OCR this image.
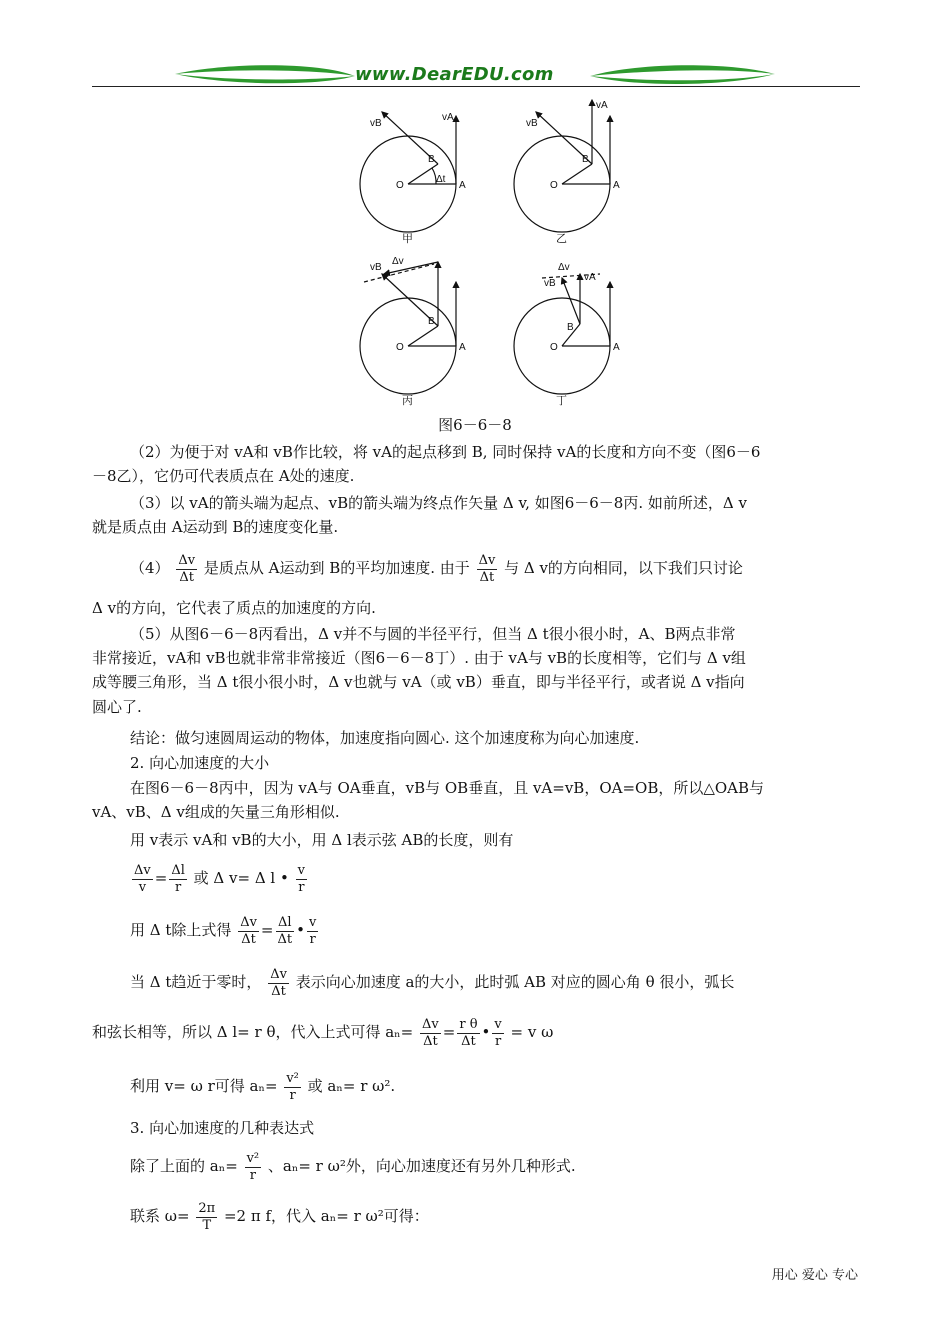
www.DearEDU.com
O	A
B
Δt
vA
vB
O	A
B
vA
vB
O	A
B
Δv
vB
O	A
B
Δv
vB
vA
甲	乙
丙	丁
图6－6－8
（2）为便于对 vA和 vB作比较，将 vA的起点移到 B, 同时保持 vA的长度和方向不变（图6－6
－8乙），它仍可代表质点在 A处的速度.
（3）以 vA的箭头端为起点、vB的箭头端为终点作矢量 Δ v, 如图6－6－8丙. 如前所述，Δ v
就是质点由 A运动到 B的速度变化量.
$(4) \frac{\Delta v}{\Delta t}$ 是质点从 A运动到 B的平均加速度. 由于 $\frac{\Delta v}{\Delta t}$ 与 Δ v的方向相同，以下我们只讨论
Δ v的方向，它代表了质点的加速度的方向.
（5）从图6－6－8丙看出，Δ v并不与圆的半径平行，但当 Δ t很小很小时，A、B两点非常
非常接近，vA和 vB也就非常非常接近（图6－6－8丁）. 由于 vA与 vB的长度相等，它们与 Δ v组
成等腰三角形，当 Δ t很小很小时，Δ v也就与 vA（或 vB）垂直，即与半径平行，或者说 Δ v指向
圆心了.
结论：做匀速圆周运动的物体，加速度指向圆心. 这个加速度称为向心加速度.
2. 向心加速度的大小
在图6－6－8丙中，因为 vA与 OA垂直，vB与 OB垂直，且 vA=vB，OA=OB，所以△OAB与
vA、vB、Δ v组成的矢量三角形相似.
用 v表示 vA和 vB的大小，用 Δ l表示弦 AB的长度，则有
$\frac{\Delta v}{v} = \frac{\Delta l}{r}$ 或 Δ v= Δ l • $\frac{v}{r}$
用 Δ t除上式得 $\frac{\Delta v}{\Delta t} = \frac{\Delta l}{\Delta t}$ • $\frac{v}{r}$
当 Δ t趋近于零时， $\frac{\Delta v}{\Delta t}$ 表示向心加速度 a的大小，此时弧 AB 对应的圆心角 θ 很小，弧长
和弦长相等，所以 Δ l= r θ，代入上式可得 $a_n= \frac{\Delta v}{\Delta t} = \frac{\text{r θ}}{\Delta t}$ • $\frac{v}{r} = v$ ω
利用 v= ω r可得 $a_n= \frac{\text{v²}}{r}$ 或 aₙ= r ω².
3. 向心加速度的几种表达式
除了上面的 $a_n= \frac{\text{v²}}{r}$ 、aₙ= r ω²外，向心加速度还有另外几种形式.
联系 $\omega= \frac{2\pi}{T} =2$ π f，代入 aₙ= r ω²可得：
用心 爱心 专心
